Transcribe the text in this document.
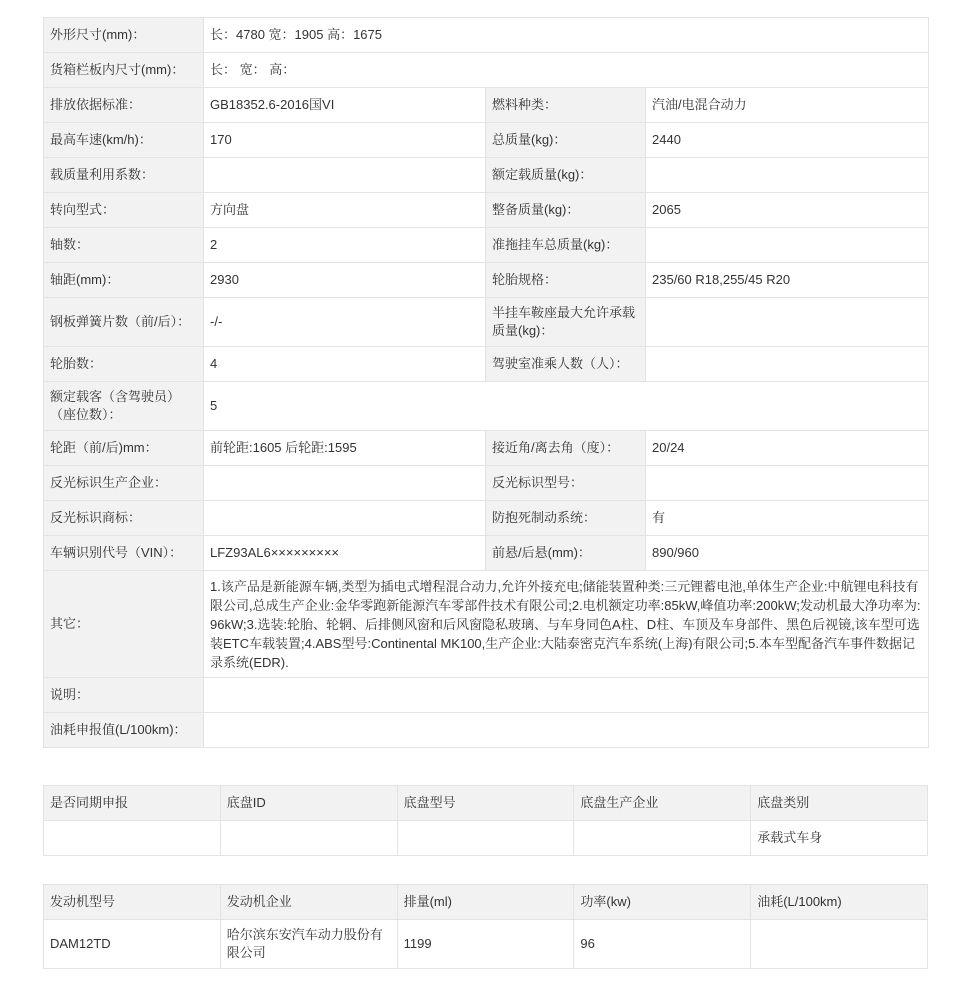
外形尺寸(mm)：	长：4780 宽：1905 高：1675		
货箱栏板内尺寸(mm)：	长： 宽： 高：		
排放依据标准：	GB18352.6-2016国VI	燃料种类：	汽油/电混合动力
最高车速(km/h)：	170	总质量(kg)：	2440
载质量利用系数：		额定载质量(kg)：	
转向型式：	方向盘	整备质量(kg)：	2065
轴数：	2	准拖挂车总质量(kg)：	
轴距(mm)：	2930	轮胎规格：	235/60 R18,255/45 R20
钢板弹簧片数（前/后）：	-/-	半挂车鞍座最大允许承载质量(kg)：	
轮胎数：	4	驾驶室准乘人数（人）：	
额定载客（含驾驶员）（座位数）：	5		
轮距（前/后)mm：	前轮距:1605 后轮距:1595	接近角/离去角（度）：	20/24
反光标识生产企业：		反光标识型号：	
反光标识商标：		防抱死制动系统：	有
车辆识别代号（VIN）：	LFZ93AL6×××××××××	前悬/后悬(mm)：	890/960
其它：	1.该产品是新能源车辆,类型为插电式增程混合动力,允许外接充电;储能装置种类:三元锂蓄电池,单体生产企业:中航锂电科技有限公司,总成生产企业:金华零跑新能源汽车零部件技术有限公司;2.电机额定功率:85kW,峰值功率:200kW;发动机最大净功率为:96kW;3.选装:轮胎、轮辋、后排侧风窗和后风窗隐私玻璃、与车身同色A柱、D柱、车顶及车身部件、黑色后视镜,该车型可选装ETC车载装置;4.ABS型号:Continental MK100,生产企业:大陆泰密克汽车系统(上海)有限公司;5.本车型配备汽车事件数据记录系统(EDR).		
说明：			
油耗申报值(L/100km)：			
是否同期申报	底盘ID	底盘型号	底盘生产企业	底盘类别
				承载式车身
发动机型号	发动机企业	排量(ml)	功率(kw)	油耗(L/100km)
DAM12TD	哈尔滨东安汽车动力股份有限公司	1199	96	
